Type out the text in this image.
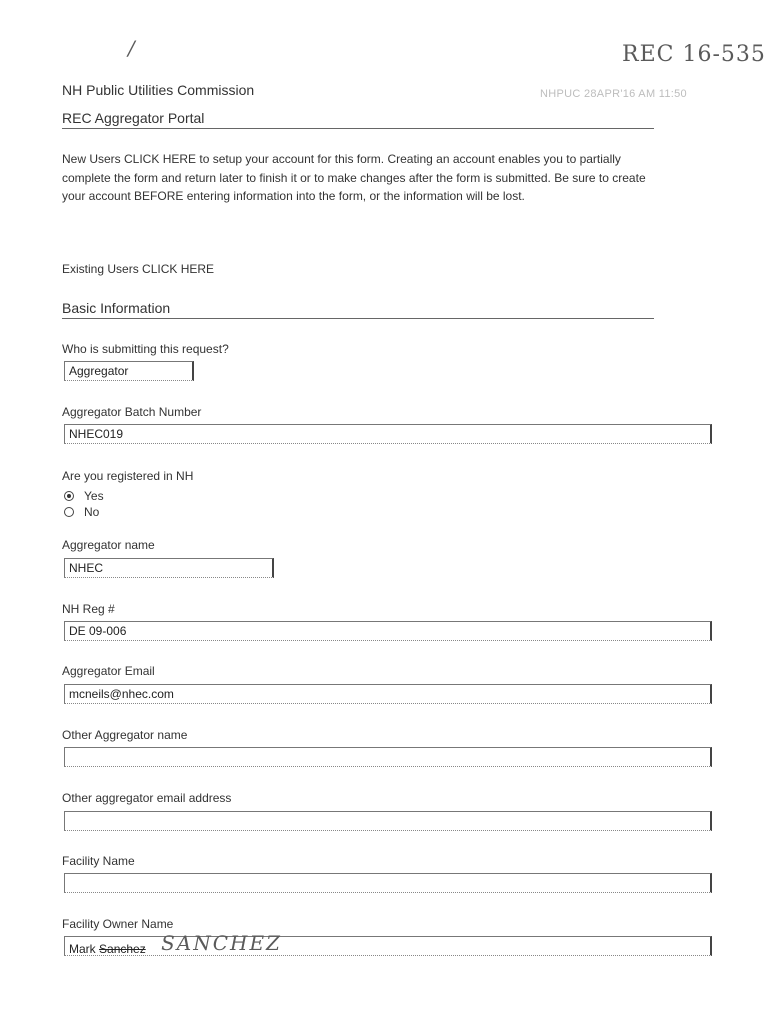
/	REC 16-535
NHPUC 28APR'16 AM 11:50
NH Public Utilities Commission
REC Aggregator Portal
New Users CLICK HERE to setup your account for this form. Creating an account enables you to partially complete the form and return later to finish it or to make changes after the form is submitted. Be sure to create your account BEFORE entering information into the form, or the information will be lost.
Existing Users CLICK HERE
Basic Information
Who is submitting this request?
Aggregator
Aggregator Batch Number
NHEC019
Are you registered in NH
Yes
No
Aggregator name
NHEC
NH Reg #
DE 09-006
Aggregator Email
mcneils@nhec.com
Other Aggregator name
Other aggregator email address
Facility Name
Facility Owner Name
Mark Sanchez SANCHEZ
